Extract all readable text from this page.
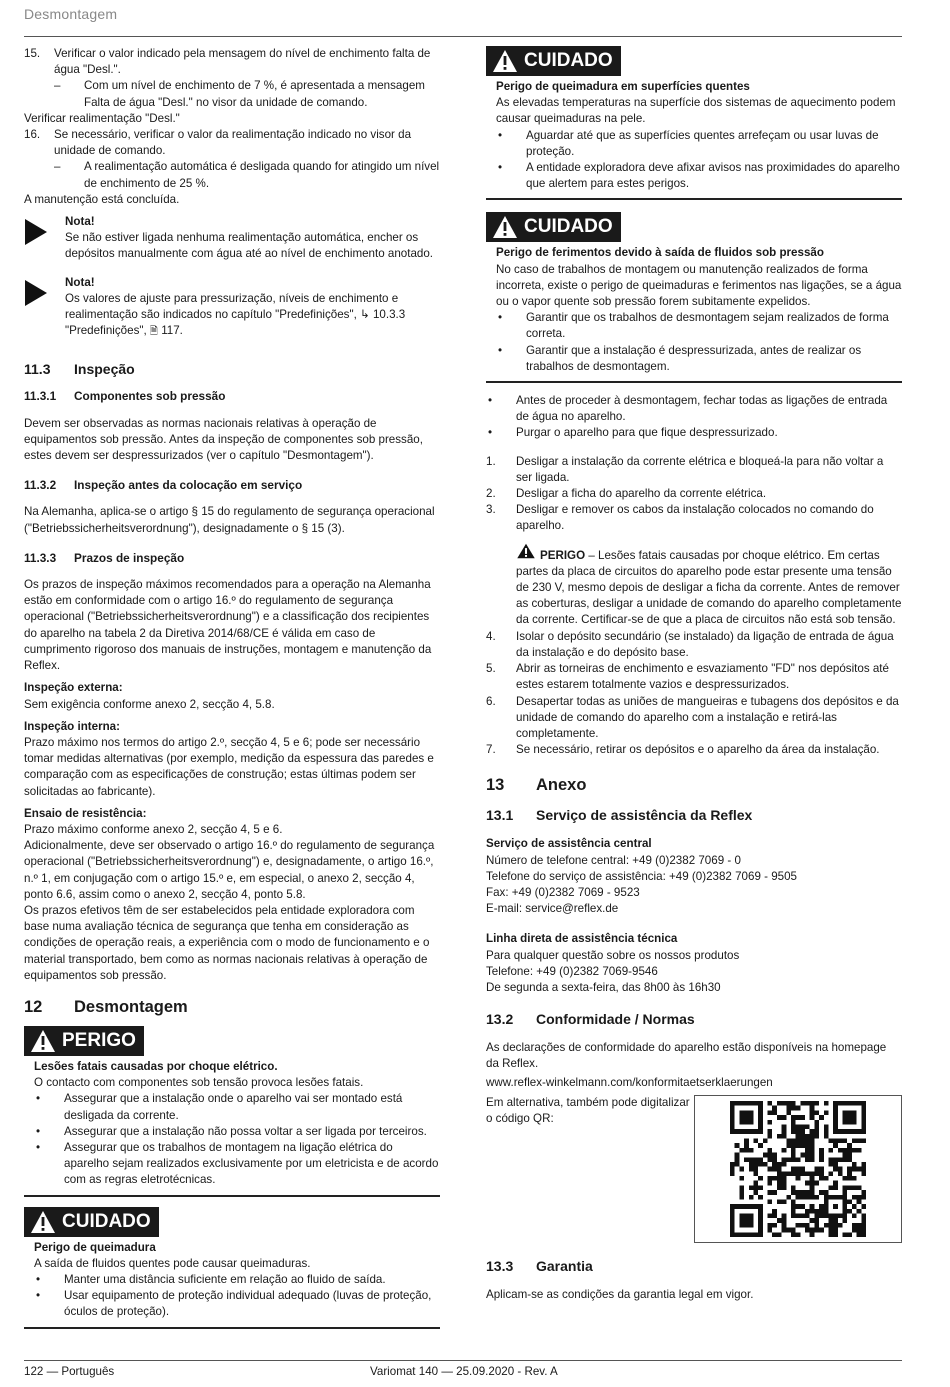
Desmontagem
15.	Verificar o valor indicado pela mensagem do nível de enchimento falta de água "Desl.".
–	Com um nível de enchimento de 7 %, é apresentada a mensagem Falta de água "Desl." no visor da unidade de comando.

Verificar realimentação "Desl."

16.	Se necessário, verificar o valor da realimentação indicado no visor da unidade de comando.
–	A realimentação automática é desligada quando for atingido um nível de enchimento de 25 %.

A manutenção está concluída.

Nota!
Se não estiver ligada nenhuma realimentação automática, encher os depósitos manualmente com água até ao nível de enchimento anotado.
Nota!
Os valores de ajuste para pressurização, níveis de enchimento e realimentação são indicados no capítulo "Predefinições", ↳ 10.3.3 "Predefinições", 🗎 117.
11.3	Inspeção
11.3.1	Componentes sob pressão

Devem ser observadas as normas nacionais relativas à operação de equipamentos sob pressão. Antes da inspeção de componentes sob pressão, estes devem ser despressurizados (ver o capítulo "Desmontagem").

11.3.2	Inspeção antes da colocação em serviço

Na Alemanha, aplica-se o artigo § 15 do regulamento de segurança operacional ("Betriebssicherheitsverordnung"), designadamente o § 15 (3).

11.3.3	Prazos de inspeção

Os prazos de inspeção máximos recomendados para a operação na Alemanha estão em conformidade com o artigo 16.º do regulamento de segurança operacional ("Betriebssicherheitsverordnung") e a classificação dos recipientes do aparelho na tabela 2 da Diretiva 2014/68/CE é válida em caso de cumprimento rigoroso dos manuais de instruções, montagem e manutenção da Reflex.

Inspeção externa:

Sem exigência conforme anexo 2, secção 4, 5.8.

Inspeção interna:

Prazo máximo nos termos do artigo 2.º, secção 4, 5 e 6; pode ser necessário tomar medidas alternativas (por exemplo, medição da espessura das paredes e comparação com as especificações de construção; estas últimas podem ser solicitadas ao fabricante).

Ensaio de resistência:

Prazo máximo conforme anexo 2, secção 4, 5 e 6.

Adicionalmente, deve ser observado o artigo 16.º do regulamento de segurança operacional ("Betriebssicherheitsverordnung") e, designadamente, o artigo 16.º, n.º 1, em conjugação com o artigo 15.º e, em especial, o anexo 2, secção 4, ponto 6.6, assim como o anexo 2, secção 4, ponto 5.8.

Os prazos efetivos têm de ser estabelecidos pela entidade exploradora com base numa avaliação técnica de segurança que tenha em consideração as condições de operação reais, a experiência com o modo de funcionamento e o material transportado, bem como as normas nacionais relativas à operação de equipamentos sob pressão.

12	Desmontagem
PERIGO
Lesões fatais causadas por choque elétrico.
O contacto com componentes sob tensão provoca lesões fatais.
•	Assegurar que a instalação onde o aparelho vai ser montado está desligada da corrente.
•	Assegurar que a instalação não possa voltar a ser ligada por terceiros.
•	Assegurar que os trabalhos de montagem na ligação elétrica do aparelho sejam realizados exclusivamente por um eletricista e de acordo com as regras eletrotécnicas.
CUIDADO
Perigo de queimadura
A saída de fluidos quentes pode causar queimaduras.
•	Manter uma distância suficiente em relação ao fluido de saída.
•	Usar equipamento de proteção individual adequado (luvas de proteção, óculos de proteção).
CUIDADO
Perigo de queimadura em superfícies quentes
As elevadas temperaturas na superfície dos sistemas de aquecimento podem causar queimaduras na pele.
•	Aguardar até que as superfícies quentes arrefeçam ou usar luvas de proteção.
•	A entidade exploradora deve afixar avisos nas proximidades do aparelho que alertem para estes perigos.
CUIDADO
Perigo de ferimentos devido à saída de fluidos sob pressão
No caso de trabalhos de montagem ou manutenção realizados de forma incorreta, existe o perigo de queimaduras e ferimentos nas ligações, se a água ou o vapor quente sob pressão forem subitamente expelidos.
•	Garantir que os trabalhos de desmontagem sejam realizados de forma correta.
•	Garantir que a instalação é despressurizada, antes de realizar os trabalhos de desmontagem.
•	Antes de proceder à desmontagem, fechar todas as ligações de entrada de água no aparelho.
•	Purgar o aparelho para que fique despressurizado.
1.	Desligar a instalação da corrente elétrica e bloqueá-la para não voltar a ser ligada.
2.	Desligar a ficha do aparelho da corrente elétrica.
3.	Desligar e remover os cabos da instalação colocados no comando do aparelho.
PERIGO – Lesões fatais causadas por choque elétrico. Em certas partes da placa de circuitos do aparelho pode estar presente uma tensão de 230 V, mesmo depois de desligar a ficha da corrente. Antes de remover as coberturas, desligar a unidade de comando do aparelho completamente da corrente. Certificar-se de que a placa de circuitos não está sob tensão.
4.	Isolar o depósito secundário (se instalado) da ligação de entrada de água da instalação e do depósito base.
5.	Abrir as torneiras de enchimento e esvaziamento "FD" nos depósitos até estes estarem totalmente vazios e despressurizados.
6.	Desapertar todas as uniões de mangueiras e tubagens dos depósitos e da unidade de comando do aparelho com a instalação e retirá-las completamente.
7.	Se necessário, retirar os depósitos e o aparelho da área da instalação.
13	Anexo
13.1	Serviço de assistência da Reflex

Serviço de assistência central

Número de telefone central: +49 (0)2382 7069 - 0

Telefone do serviço de assistência: +49 (0)2382 7069 - 9505

Fax: +49 (0)2382 7069 - 9523

E-mail: service@reflex.de

Linha direta de assistência técnica

Para qualquer questão sobre os nossos produtos

Telefone: +49 (0)2382 7069-9546

De segunda a sexta-feira, das 8h00 às 16h30

13.2	Conformidade / Normas

As declarações de conformidade do aparelho estão disponíveis na homepage da Reflex.

www.reflex-winkelmann.com/konformitaetserklaerungen

Em alternativa, também pode digitalizar o código QR:

13.3	Garantia

Aplicam-se as condições da garantia legal em vigor.

122 — Português	Variomat 140 — 25.09.2020 - Rev. A
